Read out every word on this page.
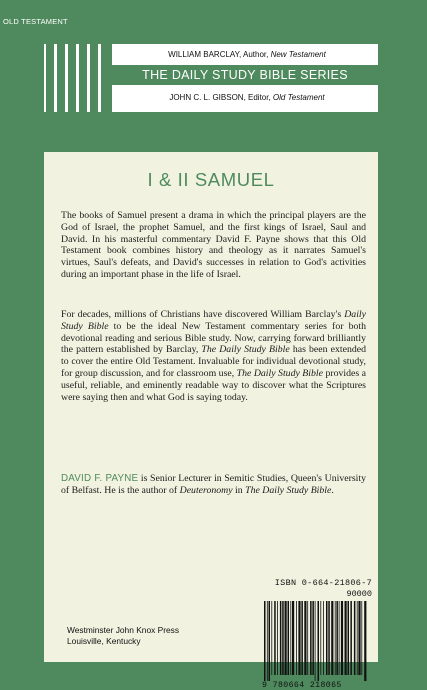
OLD TESTAMENT
WILLIAM BARCLAY, Author, New Testament
THE DAILY STUDY BIBLE SERIES
JOHN C. L. GIBSON, Editor, Old Testament
I & II SAMUEL

The books of Samuel present a drama in which the principal players are the God of Israel, the prophet Samuel, and the first kings of Israel, Saul and David. In his masterful commentary David F. Payne shows that this Old Testament book combines history and theology as it narrates Samuel's virtues, Saul's defeats, and David's successes in relation to God's activities during an important phase in the life of Israel.

For decades, millions of Christians have discovered William Barclay's Daily Study Bible to be the ideal New Testament commentary series for both devotional reading and serious Bible study. Now, carrying forward brilliantly the pattern established by Barclay, The Daily Study Bible has been extended to cover the entire Old Testament. Invaluable for individual devotional study, for group discussion, and for classroom use, The Daily Study Bible provides a useful, reliable, and eminently readable way to discover what the Scriptures were saying then and what God is saying today.

DAVID F. PAYNE is Senior Lecturer in Semitic Studies, Queen's University of Belfast. He is the author of Deuteronomy in The Daily Study Bible.

ISBN 0-664-21806-7
90000
9 780664 218065
Westminster John Knox Press
Louisville, Kentucky
